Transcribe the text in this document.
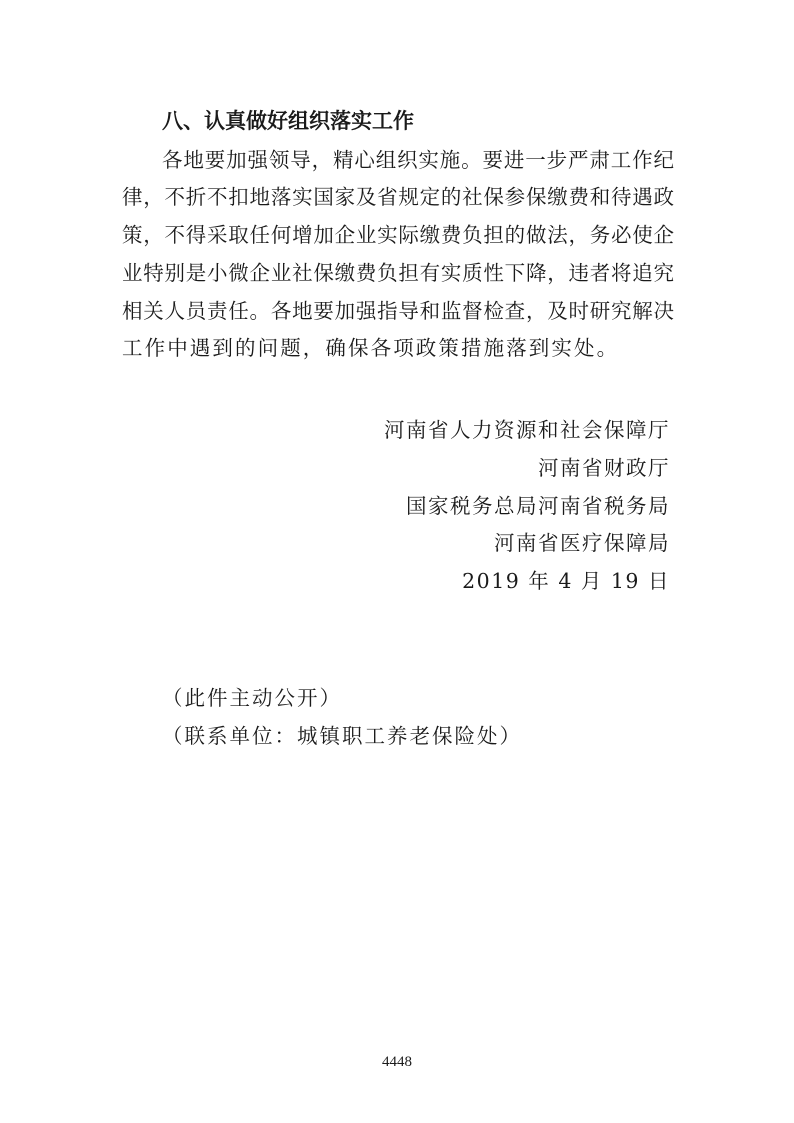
八、认真做好组织落实工作
各地要加强领导，精心组织实施。要进一步严肃工作纪
律，不折不扣地落实国家及省规定的社保参保缴费和待遇政
策，不得采取任何增加企业实际缴费负担的做法，务必使企
业特别是小微企业社保缴费负担有实质性下降，违者将追究
相关人员责任。各地要加强指导和监督检查，及时研究解决
工作中遇到的问题，确保各项政策措施落到实处。
河南省人力资源和社会保障厅
河南省财政厅
国家税务总局河南省税务局
河南省医疗保障局
2019 年 4 月 19 日
（此件主动公开）
（联系单位：城镇职工养老保险处）
4448
